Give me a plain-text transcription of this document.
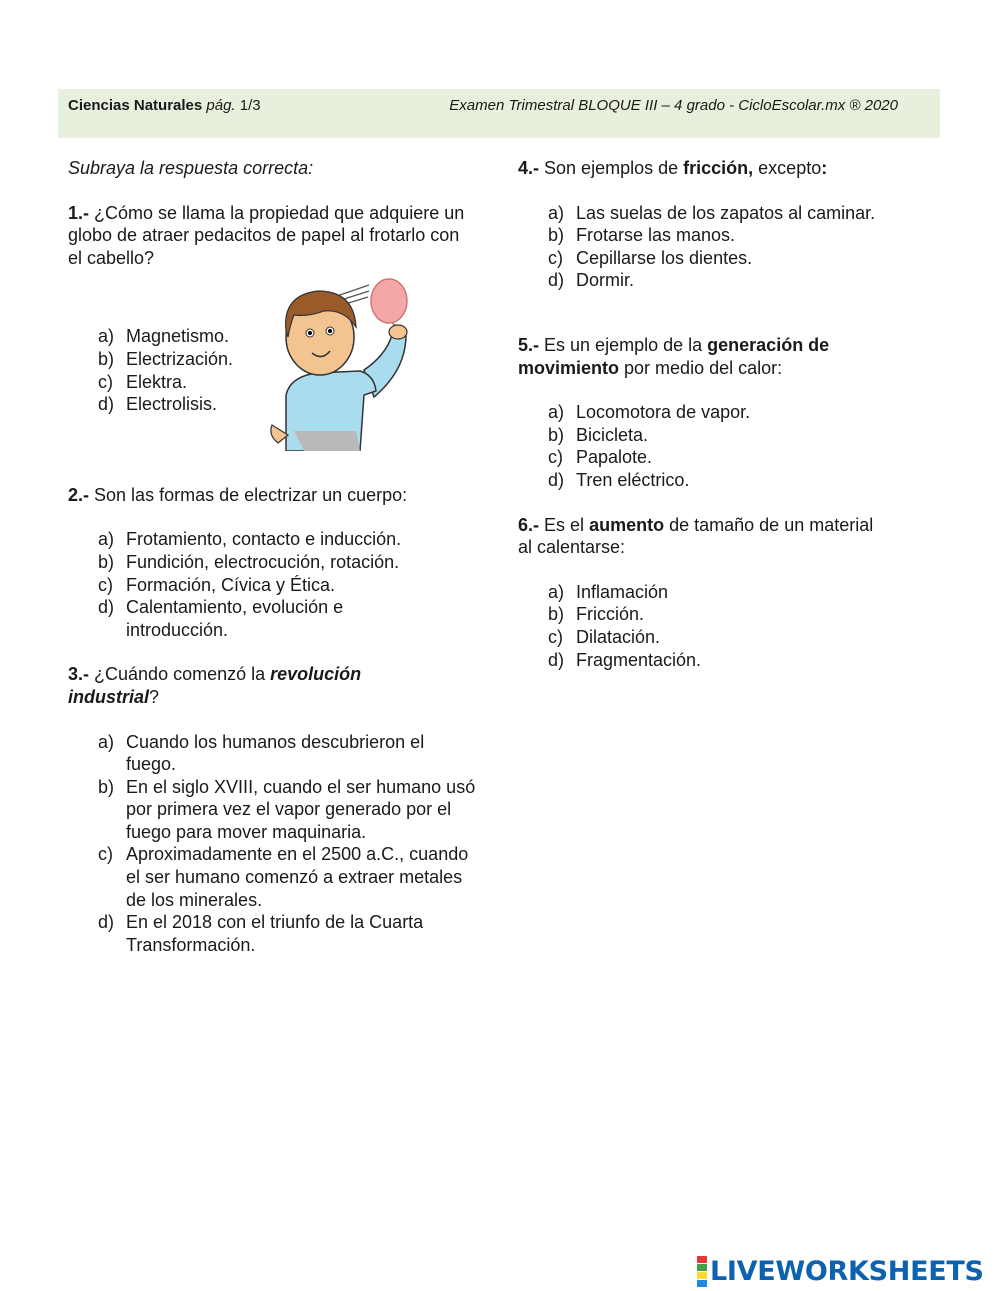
Ciencias Naturales pág. 1/3	Examen Trimestral BLOQUE III – 4 grado - CicloEscolar.mx ® 2020
Subraya la respuesta correcta:
1.- ¿Cómo se llama la propiedad que adquiere un globo de atraer pedacitos de papel al frotarlo con el cabello?
a) Magnetismo.
b) Electrización.
c) Elektra.
d) Electrolisis.
2.- Son las formas de electrizar un cuerpo:
a) Frotamiento, contacto e inducción.
b) Fundición, electrocución, rotación.
c) Formación, Cívica y Ética.
d) Calentamiento, evolución e introducción.
3.- ¿Cuándo comenzó la revolución industrial?
a) Cuando los humanos descubrieron el fuego.
b) En el siglo XVIII, cuando el ser humano usó por primera vez el vapor generado por el fuego para mover maquinaria.
c) Aproximadamente en el 2500 a.C., cuando el ser humano comenzó a extraer metales de los minerales.
d) En el 2018 con el triunfo de la Cuarta Transformación.
4.- Son ejemplos de fricción, excepto:
a) Las suelas de los zapatos al caminar.
b) Frotarse las manos.
c) Cepillarse los dientes.
d) Dormir.
5.- Es un ejemplo de la generación de movimiento por medio del calor:
a) Locomotora de vapor.
b) Bicicleta.
c) Papalote.
d) Tren eléctrico.
6.- Es el aumento de tamaño de un material al calentarse:
a) Inflamación
b) Fricción.
c) Dilatación.
d) Fragmentación.
LIVEWORKSHEETS
